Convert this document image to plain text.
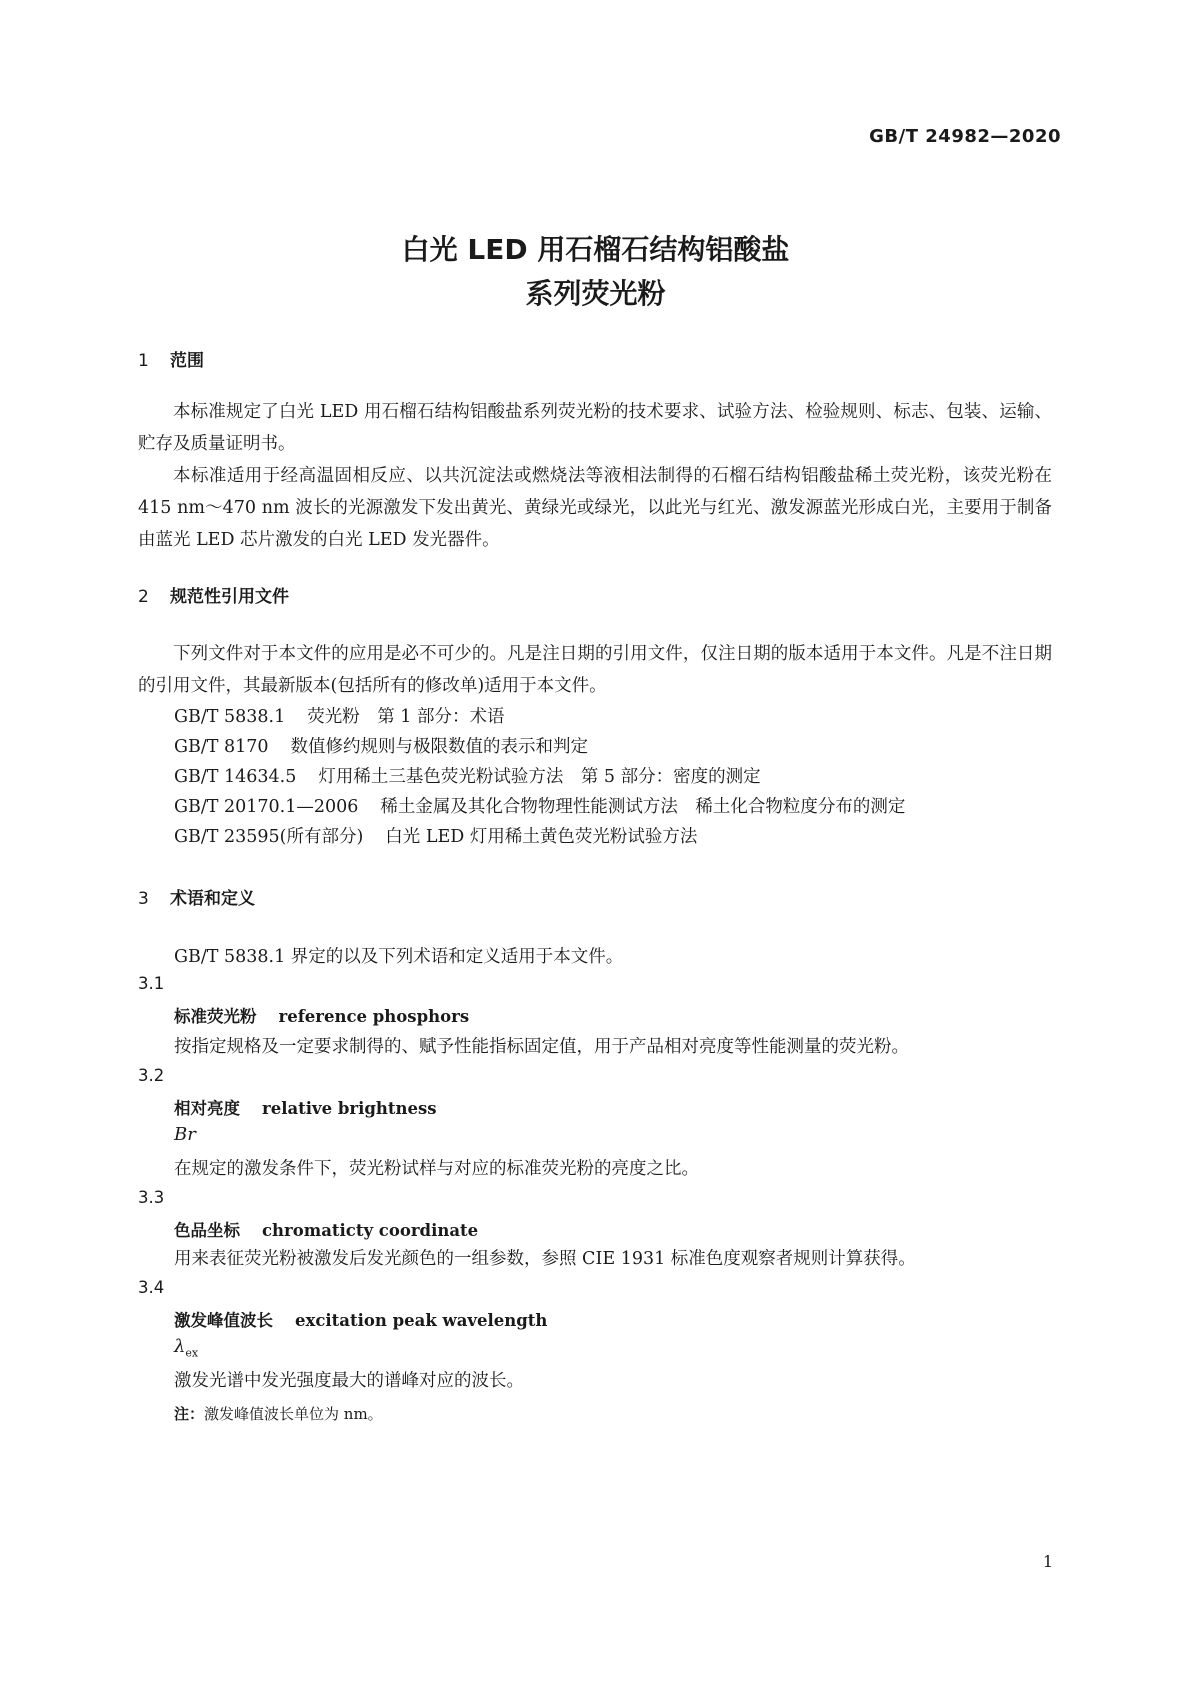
GB/T 24982—2020
白光 LED 用石榴石结构铝酸盐
系列荧光粉
1 范围
本标准规定了白光 LED 用石榴石结构铝酸盐系列荧光粉的技术要求、试验方法、检验规则、标志、包装、运输、贮存及质量证明书。
本标准适用于经高温固相反应、以共沉淀法或燃烧法等液相法制得的石榴石结构铝酸盐稀土荧光粉，该荧光粉在 415 nm～470 nm 波长的光源激发下发出黄光、黄绿光或绿光，以此光与红光、激发源蓝光形成白光，主要用于制备由蓝光 LED 芯片激发的白光 LED 发光器件。
2 规范性引用文件
下列文件对于本文件的应用是必不可少的。凡是注日期的引用文件，仅注日期的版本适用于本文件。凡是不注日期的引用文件，其最新版本(包括所有的修改单)适用于本文件。
GB/T 5838.1 荧光粉　第 1 部分：术语
GB/T 8170 数值修约规则与极限数值的表示和判定
GB/T 14634.5 灯用稀土三基色荧光粉试验方法　第 5 部分：密度的测定
GB/T 20170.1—2006 稀土金属及其化合物物理性能测试方法　稀土化合物粒度分布的测定
GB/T 23595(所有部分) 白光 LED 灯用稀土黄色荧光粉试验方法
3 术语和定义
GB/T 5838.1 界定的以及下列术语和定义适用于本文件。
3.1
标准荧光粉 reference phosphors
按指定规格及一定要求制得的、赋予性能指标固定值，用于产品相对亮度等性能测量的荧光粉。
3.2
相对亮度 relative brightness
Br
在规定的激发条件下，荧光粉试样与对应的标准荧光粉的亮度之比。
3.3
色品坐标 chromaticty coordinate
用来表征荧光粉被激发后发光颜色的一组参数，参照 CIE 1931 标准色度观察者规则计算获得。
3.4
激发峰值波长 excitation peak wavelength
$\lambda_{ex}$
激发光谱中发光强度最大的谱峰对应的波长。
注：激发峰值波长单位为 nm。
1
